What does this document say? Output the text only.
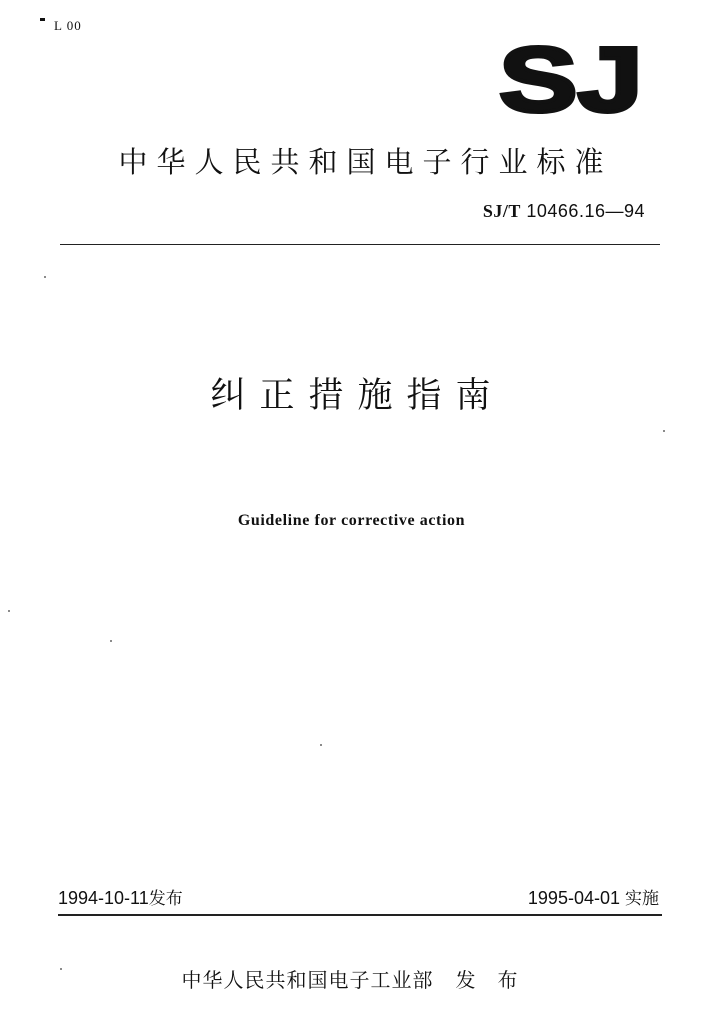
L 00
SJ
中华人民共和国电子行业标准
SJ/T 10466.16—94
纠正措施指南
Guideline for corrective action
1994-10-11发布	1995-04-01 实施
中华人民共和国电子工业部 发布
